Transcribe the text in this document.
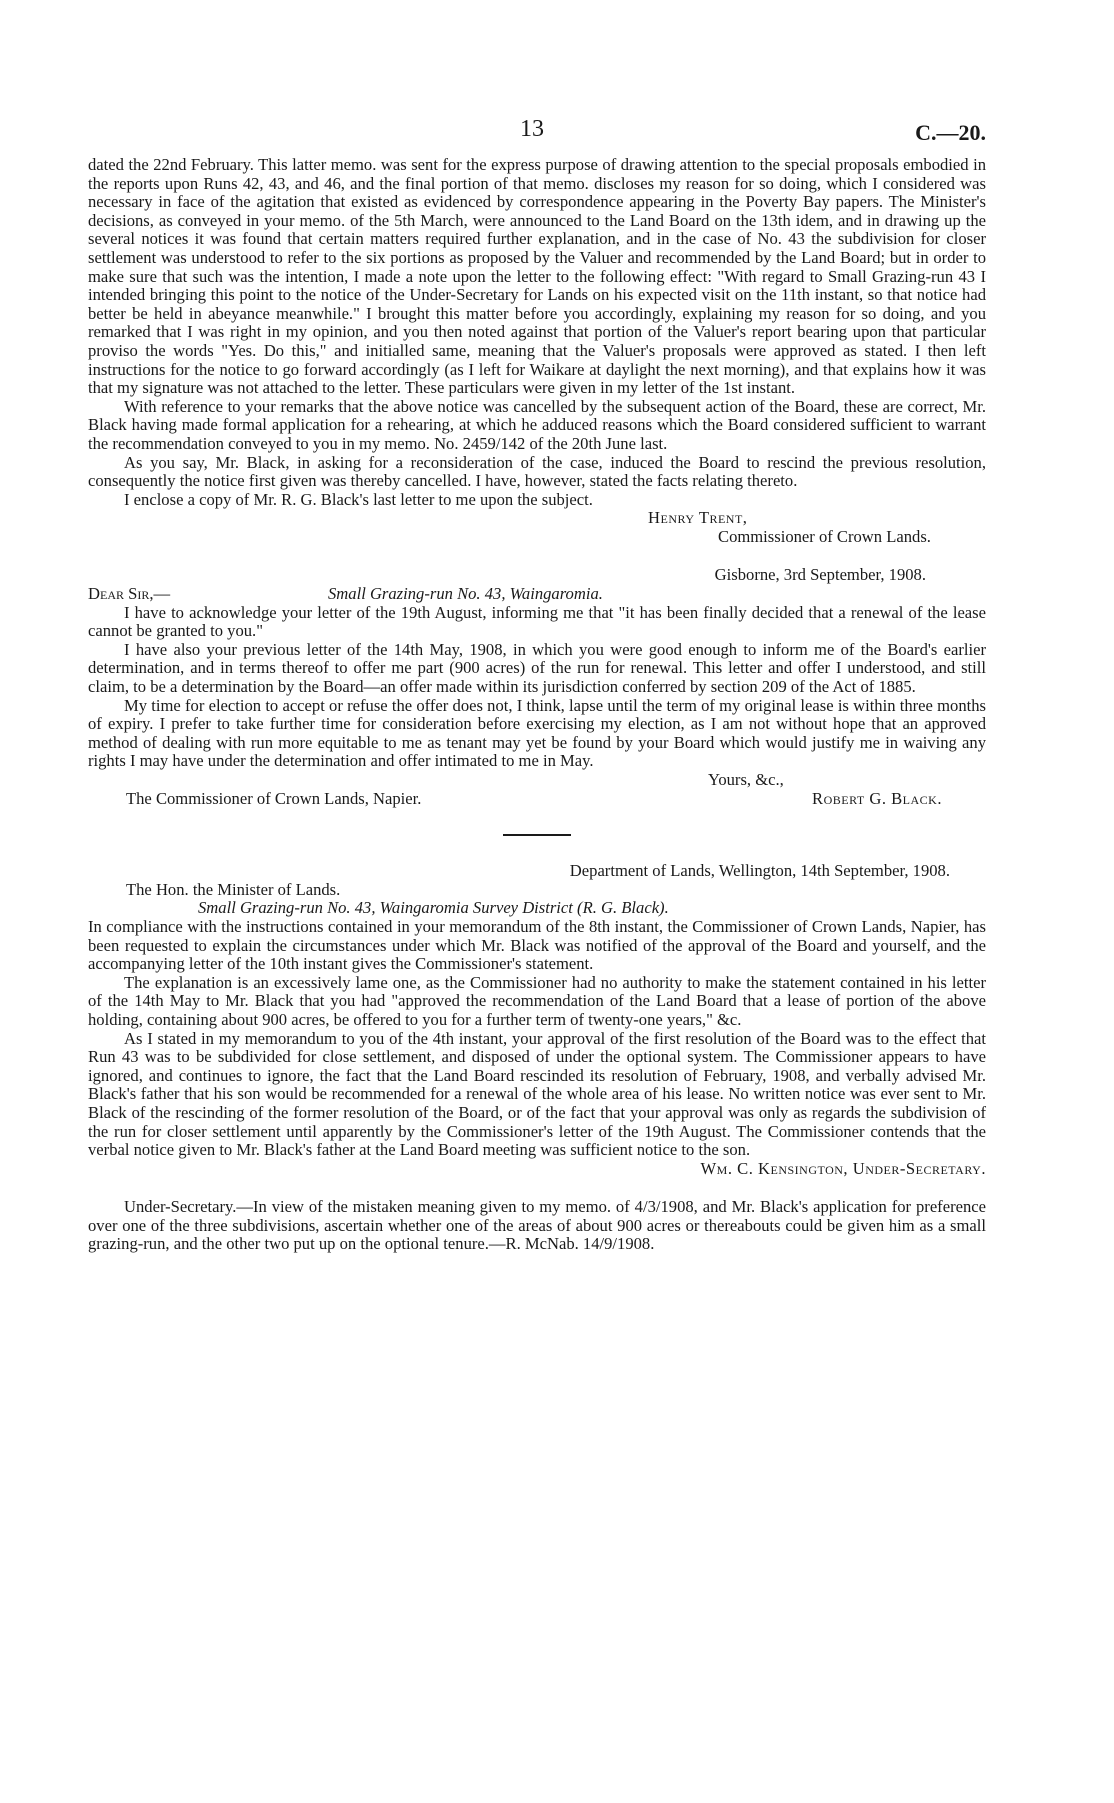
13	C.—20.

dated the 22nd February. This latter memo. was sent for the express purpose of drawing attention to the special proposals embodied in the reports upon Runs 42, 43, and 46, and the final portion of that memo. discloses my reason for so doing, which I considered was necessary in face of the agitation that existed as evidenced by correspondence appearing in the Poverty Bay papers. The Minister's decisions, as conveyed in your memo. of the 5th March, were announced to the Land Board on the 13th idem, and in drawing up the several notices it was found that certain matters required further explanation, and in the case of No. 43 the subdivision for closer settlement was understood to refer to the six portions as proposed by the Valuer and recommended by the Land Board; but in order to make sure that such was the intention, I made a note upon the letter to the following effect: "With regard to Small Grazing-run 43 I intended bringing this point to the notice of the Under-Secretary for Lands on his expected visit on the 11th instant, so that notice had better be held in abeyance meanwhile." I brought this matter before you accordingly, explaining my reason for so doing, and you remarked that I was right in my opinion, and you then noted against that portion of the Valuer's report bearing upon that particular proviso the words "Yes. Do this," and initialled same, meaning that the Valuer's proposals were approved as stated. I then left instructions for the notice to go forward accordingly (as I left for Waikare at daylight the next morning), and that explains how it was that my signature was not attached to the letter. These particulars were given in my letter of the 1st instant.

With reference to your remarks that the above notice was cancelled by the subsequent action of the Board, these are correct, Mr. Black having made formal application for a rehearing, at which he adduced reasons which the Board considered sufficient to warrant the recommendation conveyed to you in my memo. No. 2459/142 of the 20th June last.

As you say, Mr. Black, in asking for a reconsideration of the case, induced the Board to rescind the previous resolution, consequently the notice first given was thereby cancelled. I have, however, stated the facts relating thereto.

I enclose a copy of Mr. R. G. Black's last letter to me upon the subject.

Henry Trent,

Commissioner of Crown Lands.

Gisborne, 3rd September, 1908.

Dear Sir,—	Small Grazing-run No. 43, Waingaromia.

I have to acknowledge your letter of the 19th August, informing me that "it has been finally decided that a renewal of the lease cannot be granted to you."

I have also your previous letter of the 14th May, 1908, in which you were good enough to inform me of the Board's earlier determination, and in terms thereof to offer me part (900 acres) of the run for renewal. This letter and offer I understood, and still claim, to be a determination by the Board—an offer made within its jurisdiction conferred by section 209 of the Act of 1885.

My time for election to accept or refuse the offer does not, I think, lapse until the term of my original lease is within three months of expiry. I prefer to take further time for consideration before exercising my election, as I am not without hope that an approved method of dealing with run more equitable to me as tenant may yet be found by your Board which would justify me in waiving any rights I may have under the determination and offer intimated to me in May.

Yours, &c.,

The Commissioner of Crown Lands, Napier.	Robert G. Black.

Department of Lands, Wellington, 14th September, 1908.

The Hon. the Minister of Lands.

Small Grazing-run No. 43, Waingaromia Survey District (R. G. Black).

In compliance with the instructions contained in your memorandum of the 8th instant, the Commissioner of Crown Lands, Napier, has been requested to explain the circumstances under which Mr. Black was notified of the approval of the Board and yourself, and the accompanying letter of the 10th instant gives the Commissioner's statement.

The explanation is an excessively lame one, as the Commissioner had no authority to make the statement contained in his letter of the 14th May to Mr. Black that you had "approved the recommendation of the Land Board that a lease of portion of the above holding, containing about 900 acres, be offered to you for a further term of twenty-one years," &c.

As I stated in my memorandum to you of the 4th instant, your approval of the first resolution of the Board was to the effect that Run 43 was to be subdivided for close settlement, and disposed of under the optional system. The Commissioner appears to have ignored, and continues to ignore, the fact that the Land Board rescinded its resolution of February, 1908, and verbally advised Mr. Black's father that his son would be recommended for a renewal of the whole area of his lease. No written notice was ever sent to Mr. Black of the rescinding of the former resolution of the Board, or of the fact that your approval was only as regards the subdivision of the run for closer settlement until apparently by the Commissioner's letter of the 19th August. The Commissioner contends that the verbal notice given to Mr. Black's father at the Land Board meeting was sufficient notice to the son.

Wm. C. Kensington, Under-Secretary.

Under-Secretary.—In view of the mistaken meaning given to my memo. of 4/3/1908, and Mr. Black's application for preference over one of the three subdivisions, ascertain whether one of the areas of about 900 acres or thereabouts could be given him as a small grazing-run, and the other two put up on the optional tenure.—R. McNab. 14/9/1908.
